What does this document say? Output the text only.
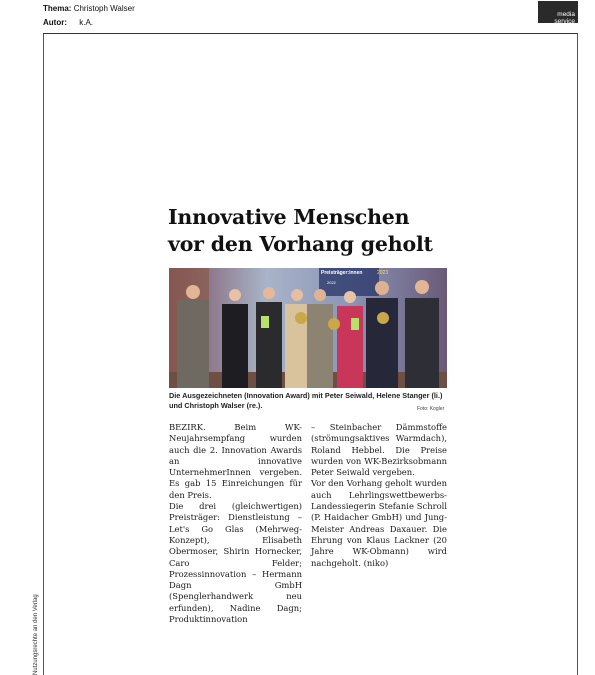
Thema: Christoph Walser
Autor: k.A.
media
service
Nutzungsrechte an den Verlag
Innovative Menschen
vor den Vorhang geholt
Preisträger:innen
2022
2023
Die Ausgezeichneten (Innovation Award) mit Peter Seiwald, Helene Stanger (li.) und Christoph Walser (re.).	Foto: Kogler

BEZIRK. Beim WK-Neujahrsempfang wurden auch die 2. Innovation Awards an innovative UnternehmerInnen vergeben. Es gab 15 Einreichungen für den Preis.

Die drei (gleichwertigen) Preisträger: Dienstleistung – Let's Go Glas (Mehrweg-Konzept), Elisabeth Obermoser, Shirin Hornecker, Caro Felder; Prozessinnovation – Hermann Dagn GmbH (Spenglerhandwerk neu erfunden), Nadine Dagn; Produktinnovation

– Steinbacher Dämmstoffe (strömungsaktives Warmdach), Roland Hebbel. Die Preise wurden von WK-Bezirksobmann Peter Seiwald vergeben.

Vor den Vorhang geholt wurden auch Lehrlingswettbewerbs-Landessiegerin Stefanie Schroll (P. Haidacher GmbH) und Jung-Meister Andreas Daxauer. Die Ehrung von Klaus Lackner (20 Jahre WK-Obmann) wird nachgeholt. (niko)
